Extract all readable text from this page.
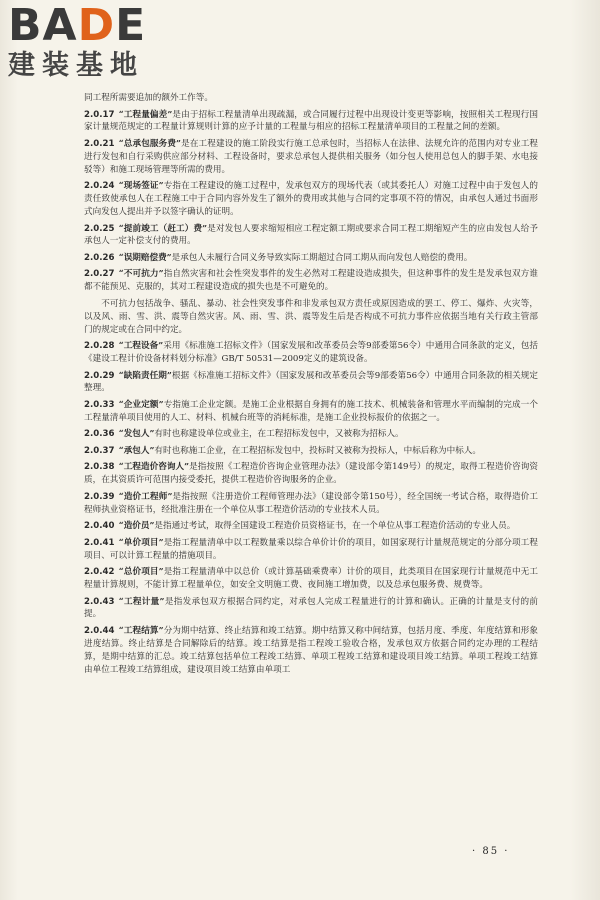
BADE
建装基地

同工程所需要追加的额外工作等。

2.0.17  “工程量偏差”是由于招标工程量清单出现疏漏，或合同履行过程中出现设计变更等影响，按照相关工程现行国家计量规范规定的工程量计算规则计算的应予计量的工程量与相应的招标工程量清单项目的工程量之间的差额。

2.0.21  “总承包服务费”是在工程建设的施工阶段实行施工总承包时，当招标人在法律、法规允许的范围内对专业工程进行发包和自行采购供应部分材料、工程设备时，要求总承包人提供相关服务（如分包人使用总包人的脚手架、水电接驳等）和施工现场管理等所需的费用。

2.0.24  “现场签证”专指在工程建设的施工过程中，发承包双方的现场代表（或其委托人）对施工过程中由于发包人的责任致使承包人在工程施工中于合同内容外发生了额外的费用或其他与合同约定事项不符的情况，由承包人通过书面形式向发包人提出并予以签字确认的证明。

2.0.25  “提前竣工（赶工）费”是对发包人要求缩短相应工程定额工期或要求合同工程工期缩短产生的应由发包人给予承包人一定补偿支付的费用。

2.0.26  “误期赔偿费”是承包人未履行合同义务导致实际工期超过合同工期从而向发包人赔偿的费用。

2.0.27  “不可抗力”指自然灾害和社会性突发事件的发生必然对工程建设造成损失，但这种事件的发生是发承包双方谁都不能预见、克服的，其对工程建设造成的损失也是不可避免的。

不可抗力包括战争、骚乱、暴动、社会性突发事件和非发承包双方责任或原因造成的罢工、停工、爆炸、火灾等，以及风、雨、雪、洪、震等自然灾害。风、雨、雪、洪、震等发生后是否构成不可抗力事件应依据当地有关行政主管部门的规定或在合同中约定。

2.0.28  “工程设备”采用《标准施工招标文件》（国家发展和改革委员会等9部委第56令）中通用合同条款的定义，包括《建设工程计价设备材料划分标准》GB/T 50531—2009定义的建筑设备。

2.0.29  “缺陷责任期”根据《标准施工招标文件》（国家发展和改革委员会等9部委第56令）中通用合同条款的相关规定整理。

2.0.33  “企业定额”专指施工企业定额。是施工企业根据自身拥有的施工技术、机械装备和管理水平而编制的完成一个工程量清单项目使用的人工、材料、机械台班等的消耗标准，是施工企业投标报价的依据之一。

2.0.36  “发包人”有时也称建设单位或业主，在工程招标发包中，又被称为招标人。

2.0.37  “承包人”有时也称施工企业，在工程招标发包中，投标时又被称为投标人，中标后称为中标人。

2.0.38  “工程造价咨询人”是指按照《工程造价咨询企业管理办法》（建设部令第149号）的规定，取得工程造价咨询资质，在其资质许可范围内接受委托，提供工程造价咨询服务的企业。

2.0.39  “造价工程师”是指按照《注册造价工程师管理办法》（建设部令第150号），经全国统一考试合格，取得造价工程师执业资格证书，经批准注册在一个单位从事工程造价活动的专业技术人员。

2.0.40  “造价员”是指通过考试，取得全国建设工程造价员资格证书，在一个单位从事工程造价活动的专业人员。

2.0.41  “单价项目”是指工程量清单中以工程数量乘以综合单价计价的项目，如国家现行计量规范规定的分部分项工程项目、可以计算工程量的措施项目。

2.0.42  “总价项目”是指工程量清单中以总价（或计算基础乘费率）计价的项目，此类项目在国家现行计量规范中无工程量计算规则，不能计算工程量单位，如安全文明施工费、夜间施工增加费，以及总承包服务费、规费等。

2.0.43  “工程计量”是指发承包双方根据合同约定，对承包人完成工程量进行的计算和确认。正确的计量是支付的前提。

2.0.44  “工程结算”分为期中结算、终止结算和竣工结算。期中结算又称中间结算，包括月度、季度、年度结算和形象进度结算。终止结算是合同解除后的结算。竣工结算是指工程竣工验收合格，发承包双方依据合同约定办理的工程结算，是期中结算的汇总。竣工结算包括单位工程竣工结算、单项工程竣工结算和建设项目竣工结算。单项工程竣工结算由单位工程竣工结算组成，建设项目竣工结算由单项工

· 85 ·
